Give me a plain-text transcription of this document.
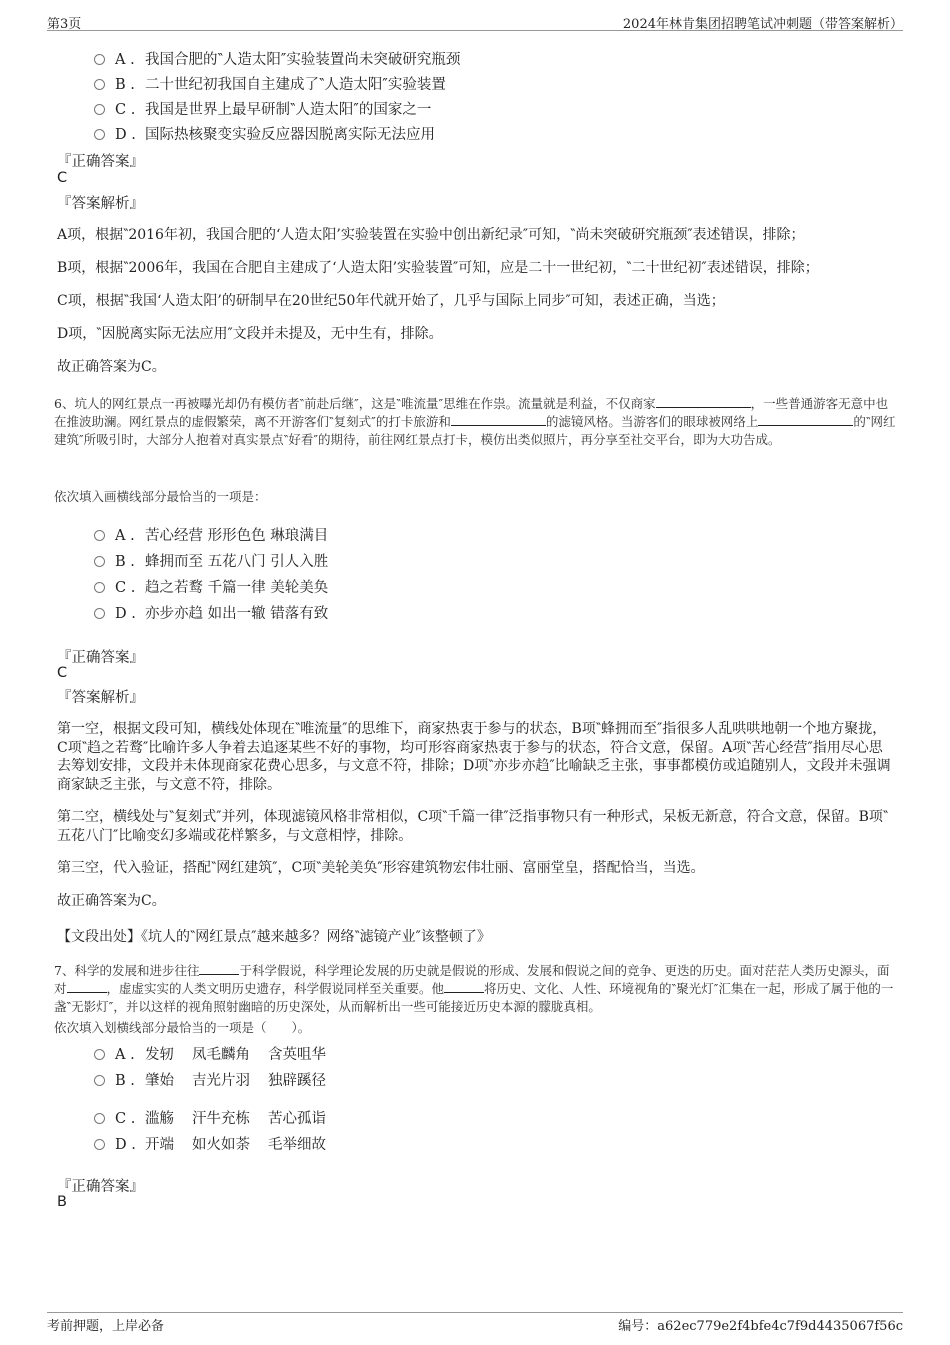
第3页	2024年林肯集团招聘笔试冲刺题（带答案解析）
A . 我国合肥的‶人造太阳″实验装置尚未突破研究瓶颈
B . 二十世纪初我国自主建成了‶人造太阳″实验装置
C . 我国是世界上最早研制‶人造太阳″的国家之一
D . 国际热核聚变实验反应器因脱离实际无法应用
『正确答案』
C
『答案解析』
A项，根据‶2016年初，我国合肥的‘人造太阳’实验装置在实验中创出新纪录″可知，‶尚未突破研究瓶颈″表述错误，排除；
B项，根据‶2006年，我国在合肥自主建成了‘人造太阳’实验装置″可知，应是二十一世纪初，‶二十世纪初″表述错误，排除；
C项，根据‶我国‘人造太阳’的研制早在20世纪50年代就开始了，几乎与国际上同步″可知，表述正确，当选；
D项，‶因脱离实际无法应用″文段并未提及，无中生有，排除。
故正确答案为C。
6、坑人的网红景点一再被曝光却仍有模仿者‶前赴后继″，这是‶唯流量″思维在作祟。流量就是利益，不仅商家	，一些普通游客无意中也在推波助澜。网红景点的虚假繁荣，离不开游客们‶复刻式″的打卡旅游和	的滤镜风格。当游客们的眼球被网络上	的‶网红建筑″所吸引时，大部分人抱着对真实景点‶好看″的期待，前往网红景点打卡，模仿出类似照片，再分享至社交平台，即为大功告成。
依次填入画横线部分最恰当的一项是：
A . 苦心经营 形形色色 琳琅满目
B . 蜂拥而至 五花八门 引人入胜
C . 趋之若鹜 千篇一律 美轮美奂
D . 亦步亦趋 如出一辙 错落有致
『正确答案』
C
『答案解析』
第一空，根据文段可知，横线处体现在‶唯流量″的思维下，商家热衷于参与的状态，B项‶蜂拥而至″指很多人乱哄哄地朝一个地方聚拢，C项‶趋之若鹜″比喻许多人争着去追逐某些不好的事物，均可形容商家热衷于参与的状态，符合文意，保留。A项‶苦心经营″指用尽心思去筹划安排，文段并未体现商家花费心思多，与文意不符，排除；D项‶亦步亦趋″比喻缺乏主张，事事都模仿或追随别人，文段并未强调商家缺乏主张，与文意不符，排除。
第二空，横线处与‶复刻式″并列，体现滤镜风格非常相似，C项‶千篇一律″泛指事物只有一种形式，呆板无新意，符合文意，保留。B项‶五花八门″比喻变幻多端或花样繁多，与文意相悖，排除。
第三空，代入验证，搭配‶网红建筑″，C项‶美轮美奂″形容建筑物宏伟壮丽、富丽堂皇，搭配恰当，当选。
故正确答案为C。
【文段出处】《坑人的‶网红景点″越来越多？网络‶滤镜产业″该整顿了》
7、科学的发展和进步往往	于科学假说，科学理论发展的历史就是假说的形成、发展和假说之间的竞争、更迭的历史。面对茫茫人类历史源头，面对	，虚虚实实的人类文明历史遗存，科学假说同样至关重要。他	将历史、文化、人性、环境视角的‶聚光灯″汇集在一起，形成了属于他的一盏‶无影灯″，并以这样的视角照射幽暗的历史深处，从而解析出一些可能接近历史本源的朦胧真相。
依次填入划横线部分最恰当的一项是（　　）。
A . 发轫 凤毛麟角 含英咀华
B . 肇始 吉光片羽 独辟蹊径
C . 滥觞 汗牛充栋 苦心孤诣
D . 开端 如火如荼 毛举细故
『正确答案』
B
考前押题，上岸必备	编号：a62ec779e2f4bfe4c7f9d4435067f56c
